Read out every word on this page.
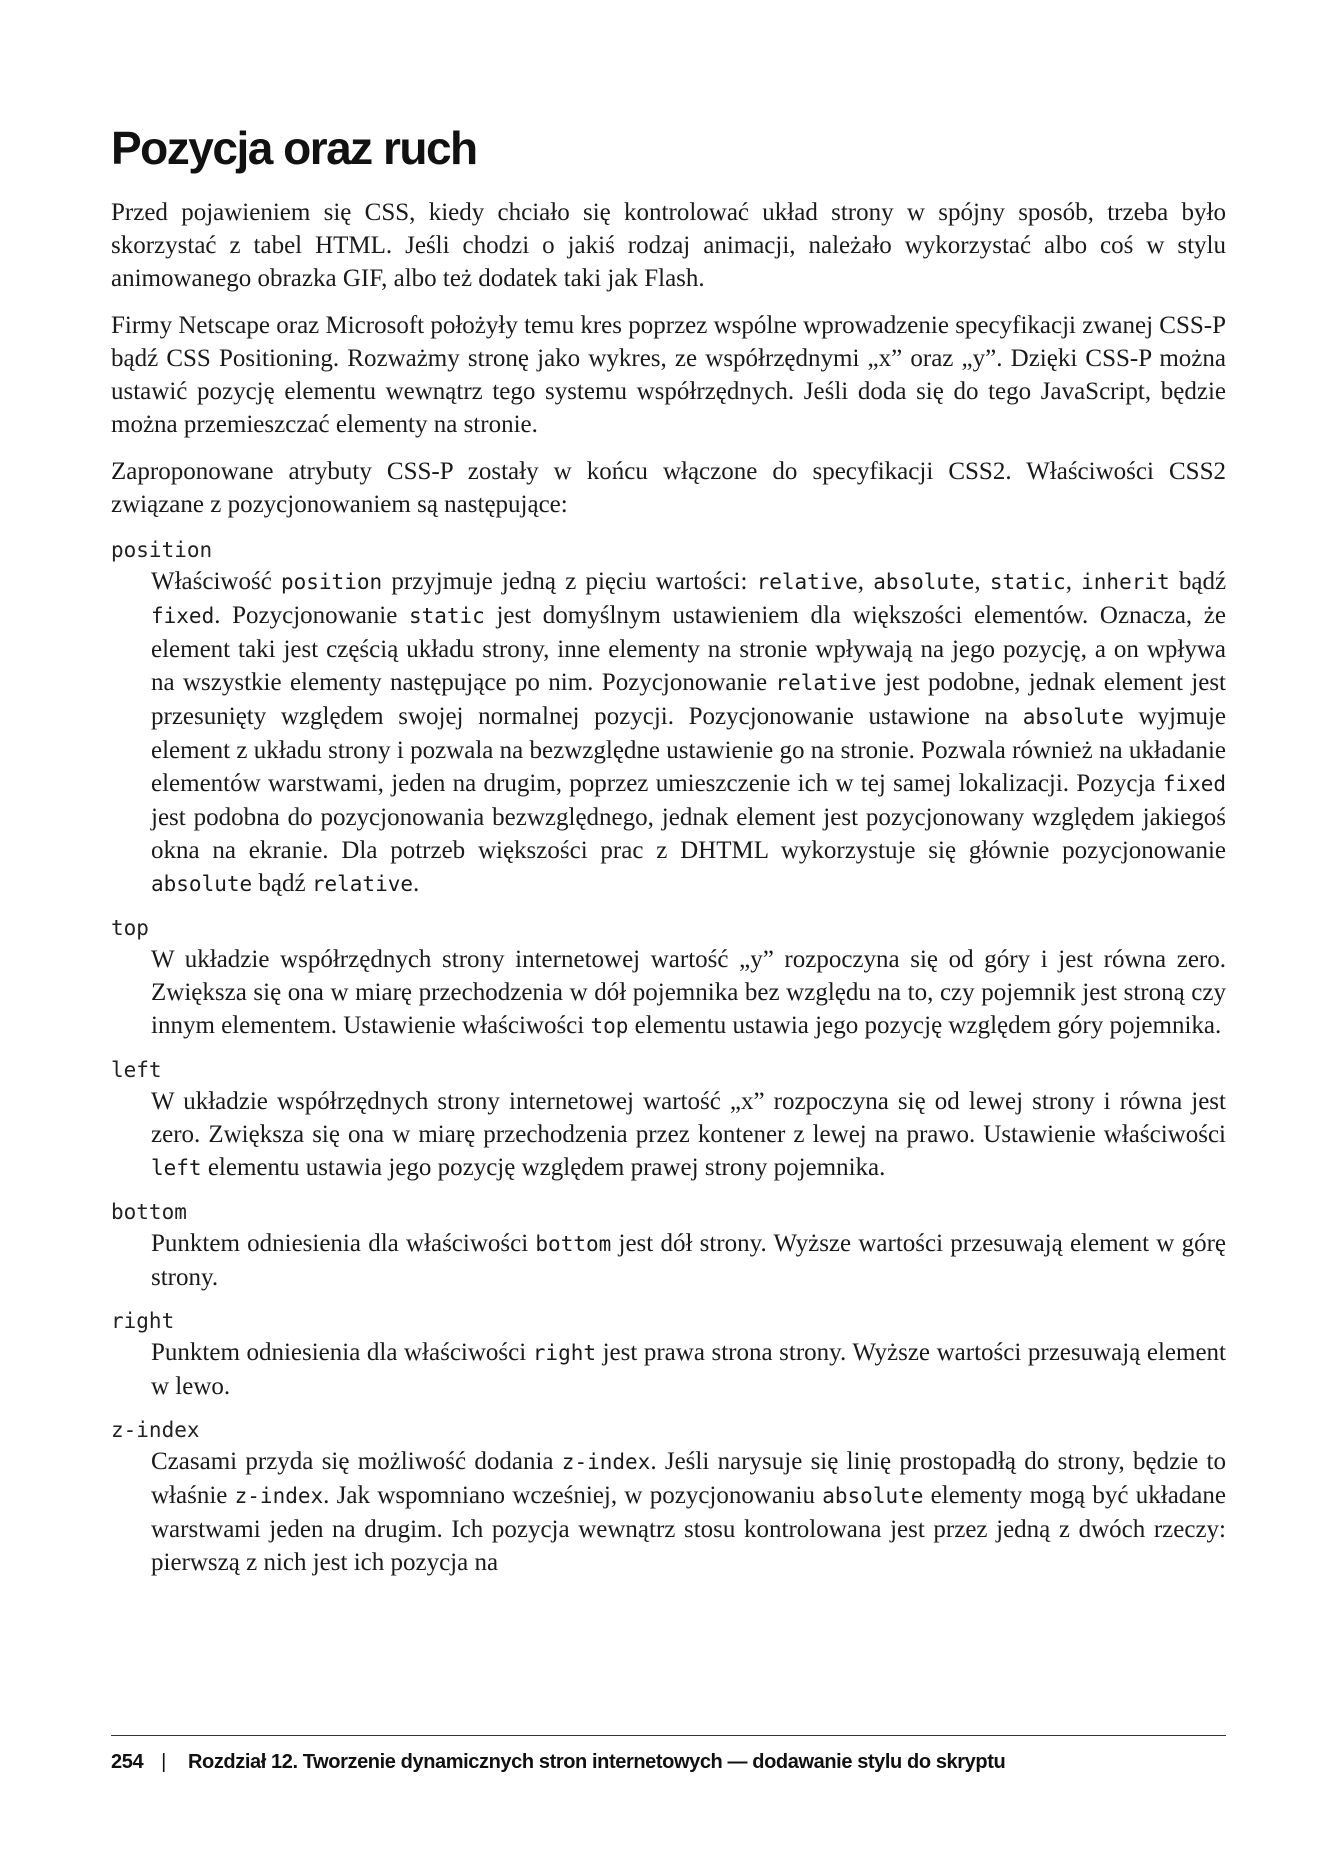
Pozycja oraz ruch

Przed pojawieniem się CSS, kiedy chciało się kontrolować układ strony w spójny sposób, trzeba było skorzystać z tabel HTML. Jeśli chodzi o jakiś rodzaj animacji, należało wykorzystać albo coś w stylu animowanego obrazka GIF, albo też dodatek taki jak Flash.

Firmy Netscape oraz Microsoft położyły temu kres poprzez wspólne wprowadzenie specyfikacji zwanej CSS-P bądź CSS Positioning. Rozważmy stronę jako wykres, ze współrzędnymi „x” oraz „y”. Dzięki CSS-P można ustawić pozycję elementu wewnątrz tego systemu współrzędnych. Jeśli doda się do tego JavaScript, będzie można przemieszczać elementy na stronie.

Zaproponowane atrybuty CSS-P zostały w końcu włączone do specyfikacji CSS2. Właściwości CSS2 związane z pozycjonowaniem są następujące:

position
Właściwość position przyjmuje jedną z pięciu wartości: relative, absolute, static, inherit bądź fixed. Pozycjonowanie static jest domyślnym ustawieniem dla większości elementów. Oznacza, że element taki jest częścią układu strony, inne elementy na stronie wpływają na jego pozycję, a on wpływa na wszystkie elementy następujące po nim. Pozycjonowanie relative jest podobne, jednak element jest przesunięty względem swojej normalnej pozycji. Pozycjonowanie ustawione na absolute wyjmuje element z układu strony i pozwala na bezwzględne ustawienie go na stronie. Pozwala również na układanie elementów warstwami, jeden na drugim, poprzez umieszczenie ich w tej samej lokalizacji. Pozycja fixed jest podobna do pozycjonowania bezwzględnego, jednak element jest pozycjonowany względem jakiegoś okna na ekranie. Dla potrzeb większości prac z DHTML wykorzystuje się głównie pozycjonowanie absolute bądź relative.
top
W układzie współrzędnych strony internetowej wartość „y” rozpoczyna się od góry i jest równa zero. Zwiększa się ona w miarę przechodzenia w dół pojemnika bez względu na to, czy pojemnik jest stroną czy innym elementem. Ustawienie właściwości top elementu ustawia jego pozycję względem góry pojemnika.
left
W układzie współrzędnych strony internetowej wartość „x” rozpoczyna się od lewej strony i równa jest zero. Zwiększa się ona w miarę przechodzenia przez kontener z lewej na prawo. Ustawienie właściwości left elementu ustawia jego pozycję względem prawej strony pojemnika.
bottom
Punktem odniesienia dla właściwości bottom jest dół strony. Wyższe wartości przesuwają element w górę strony.
right
Punktem odniesienia dla właściwości right jest prawa strona strony. Wyższe wartości przesuwają element w lewo.
z-index
Czasami przyda się możliwość dodania z-index. Jeśli narysuje się linię prostopadłą do strony, będzie to właśnie z-index. Jak wspomniano wcześniej, w pozycjonowaniu absolute elementy mogą być układane warstwami jeden na drugim. Ich pozycja wewnątrz stosu kontrolowana jest przez jedną z dwóch rzeczy: pierwszą z nich jest ich pozycja na
254 | Rozdział 12. Tworzenie dynamicznych stron internetowych — dodawanie stylu do skryptu
